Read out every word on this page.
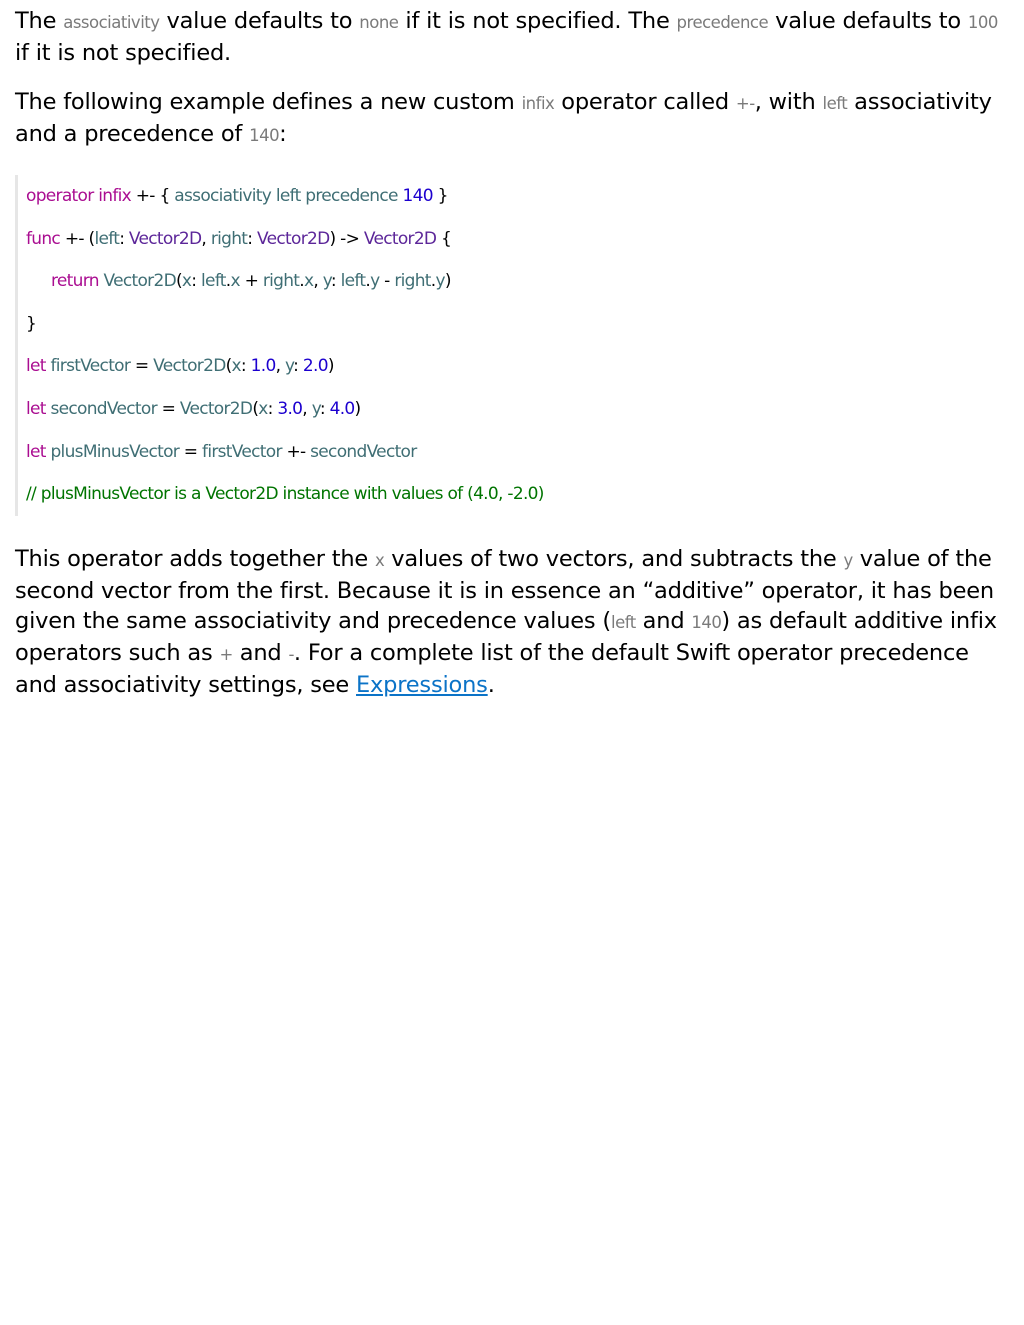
The associativity value defaults to none if it is not specified. The precedence value defaults to 100 if it is not specified.

The following example defines a new custom infix operator called +-, with left associativity and a precedence of 140:

operator infix +- { associativity left precedence 140 }
func +- (left: Vector2D, right: Vector2D) -> Vector2D {
return Vector2D(x: left.x + right.x, y: left.y - right.y)
}
let firstVector = Vector2D(x: 1.0, y: 2.0)
let secondVector = Vector2D(x: 3.0, y: 4.0)
let plusMinusVector = firstVector +- secondVector
// plusMinusVector is a Vector2D instance with values of (4.0, -2.0)

This operator adds together the x values of two vectors, and subtracts the y value of the second vector from the first. Because it is in essence an “additive” operator, it has been given the same associativity and precedence values (left and 140) as default additive infix operators such as + and -. For a complete list of the default Swift operator precedence and associativity settings, see Expressions.
